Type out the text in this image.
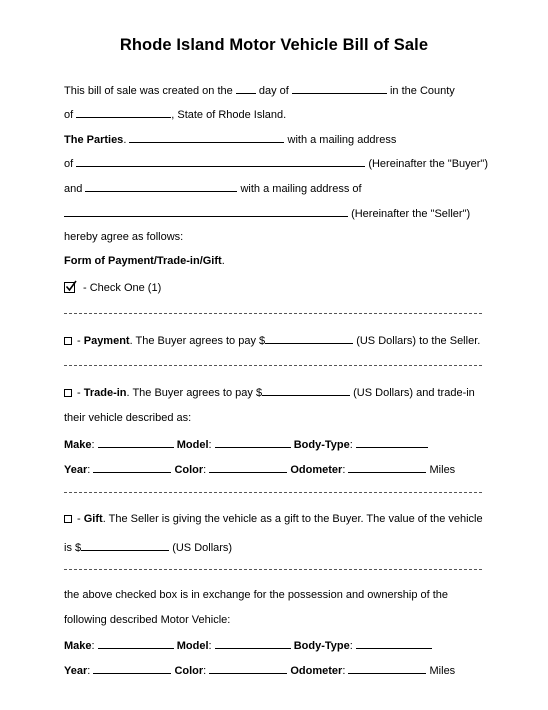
Rhode Island Motor Vehicle Bill of Sale
This bill of sale was created on the day of	in the County
of	, State of Rhode Island.
The Parties.	with a mailing address
of	(Hereinafter the "Buyer")
and	with a mailing address of
(Hereinafter the "Seller")
hereby agree as follows:
Form of Payment/Trade-in/Gift.
- Check One (1)
- Payment. The Buyer agrees to pay $	(US Dollars) to the Seller.
- Trade-in. The Buyer agrees to pay $	(US Dollars) and trade-in
their vehicle described as:
Make:	Model:	Body-Type:
Year:	Color:	Odometer:	Miles
- Gift. The Seller is giving the vehicle as a gift to the Buyer. The value of the vehicle
is $	(US Dollars)
the above checked box is in exchange for the possession and ownership of the
following described Motor Vehicle:
Make:	Model:	Body-Type:
Year:	Color:	Odometer:	Miles
